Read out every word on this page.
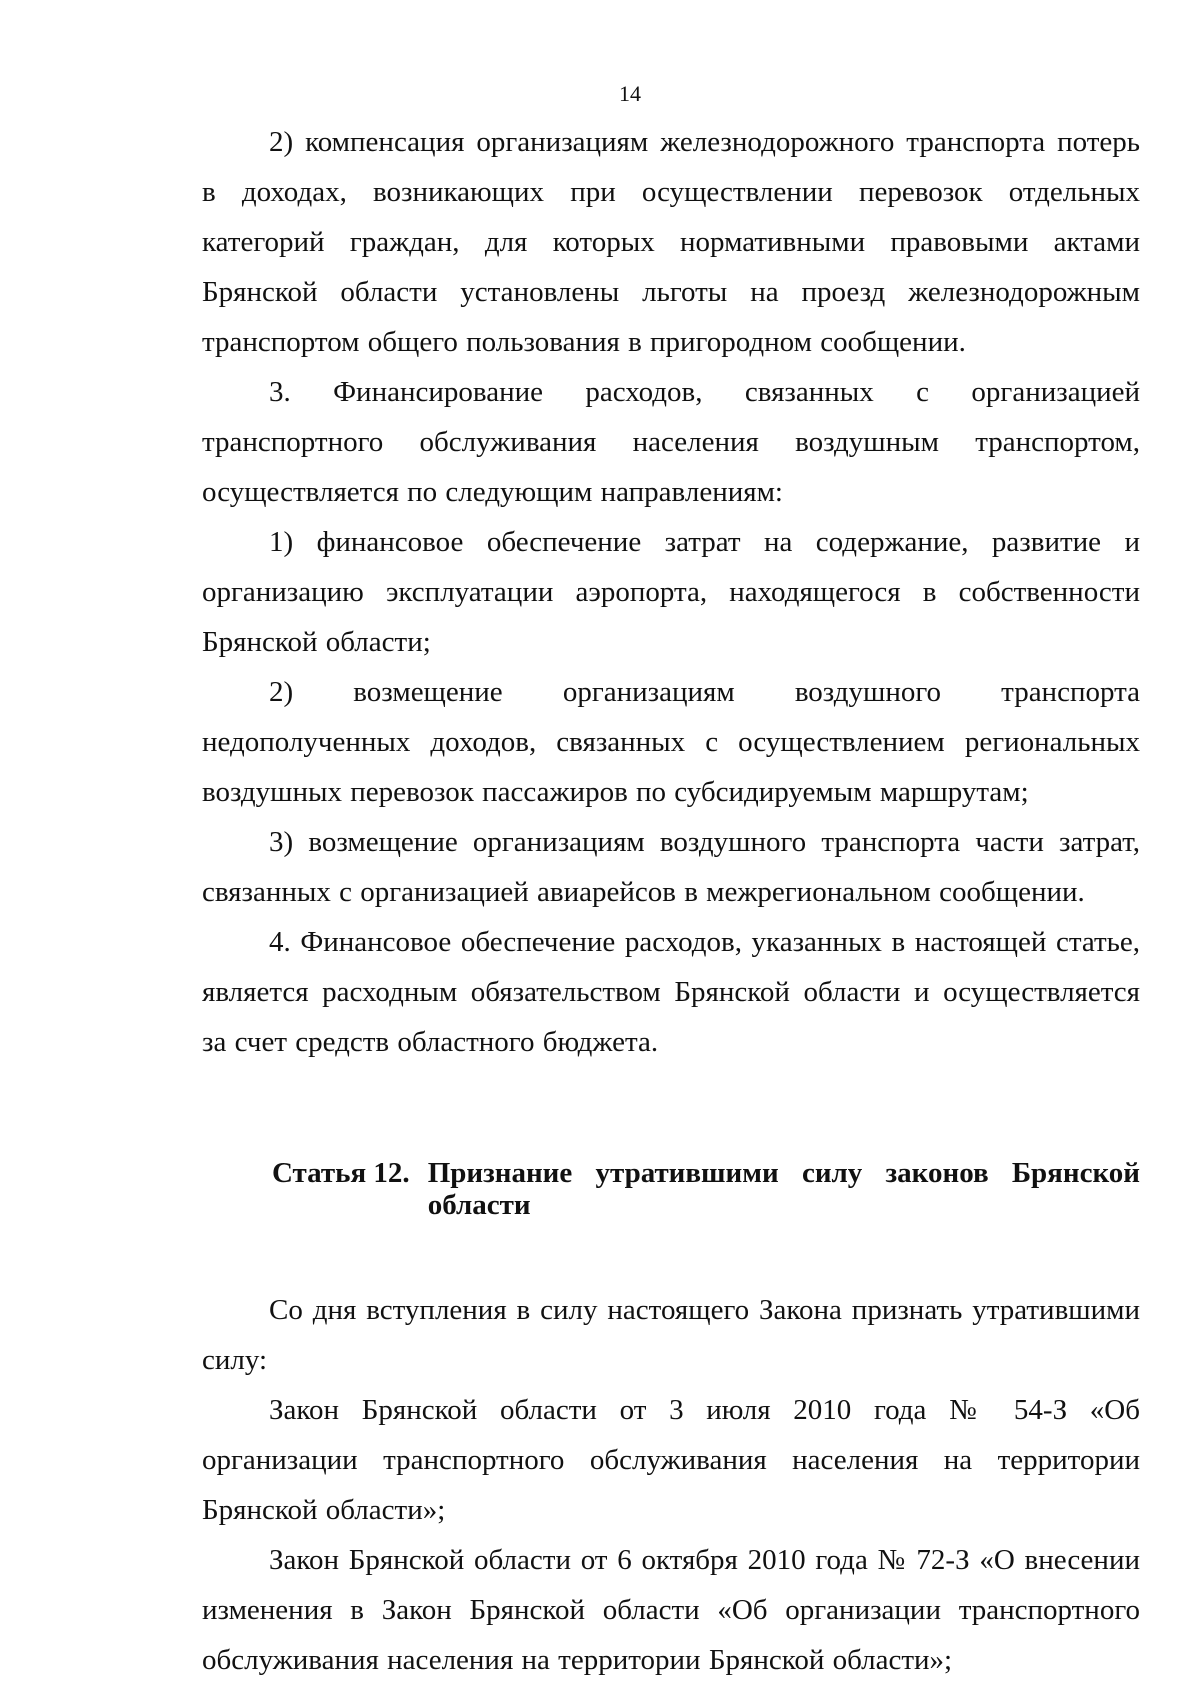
14

2) компенсация организациям железнодорожного транспорта потерь в доходах, возникающих при осуществлении перевозок отдельных категорий граждан, для которых нормативными правовыми актами Брянской области установлены льготы на проезд железнодорожным транспортом общего пользования в пригородном сообщении.

3. Финансирование расходов, связанных с организацией транспортного обслуживания населения воздушным транспортом, осуществляется по следующим направлениям:

1) финансовое обеспечение затрат на содержание, развитие и организацию эксплуатации аэропорта, находящегося в собственности Брянской области;

2) возмещение организациям воздушного транспорта недополученных доходов, связанных с осуществлением региональных воздушных перевозок пассажиров по субсидируемым маршрутам;

3) возмещение организациям воздушного транспорта части затрат, связанных с организацией авиарейсов в межрегиональном сообщении.

4. Финансовое обеспечение расходов, указанных в настоящей статье, является расходным обязательством Брянской области и осуществляется за счет средств областного бюджета.

Статья 12. Признание утратившими силу законов Брянской области

Со дня вступления в силу настоящего Закона признать утратившими силу:

Закон Брянской области от 3 июля 2010 года № 54-З «Об организации транспортного обслуживания населения на территории Брянской области»;

Закон Брянской области от 6 октября 2010 года № 72-З «О внесении изменения в Закон Брянской области «Об организации транспортного обслуживания населения на территории Брянской области»;
